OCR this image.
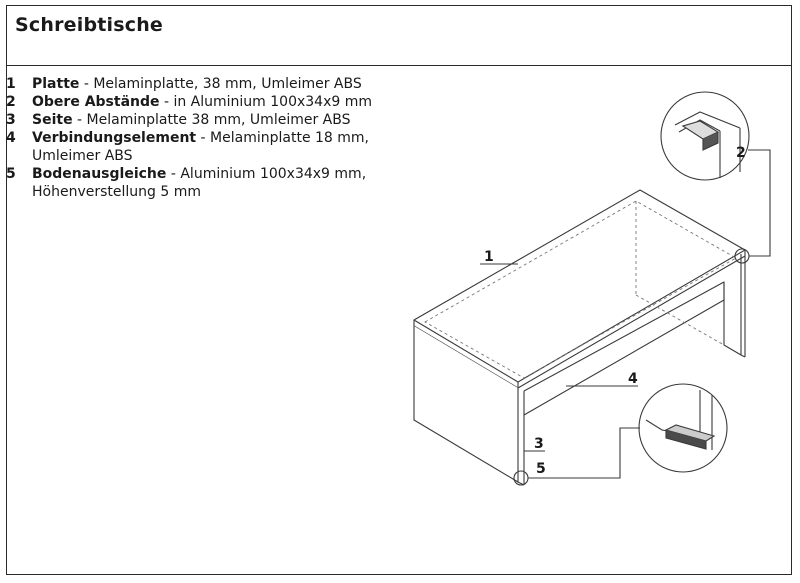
Schreibtische
1 Platte - Melaminplatte, 38 mm, Umleimer ABS
2 Obere Abstände - in Aluminium 100x34x9 mm
3 Seite - Melaminplatte 38 mm, Umleimer ABS
4 Verbindungselement - Melaminplatte 18 mm, Umleimer ABS
5 Bodenausgleiche - Aluminium 100x34x9 mm, Höhenverstellung 5 mm
1
2
3
4
5
